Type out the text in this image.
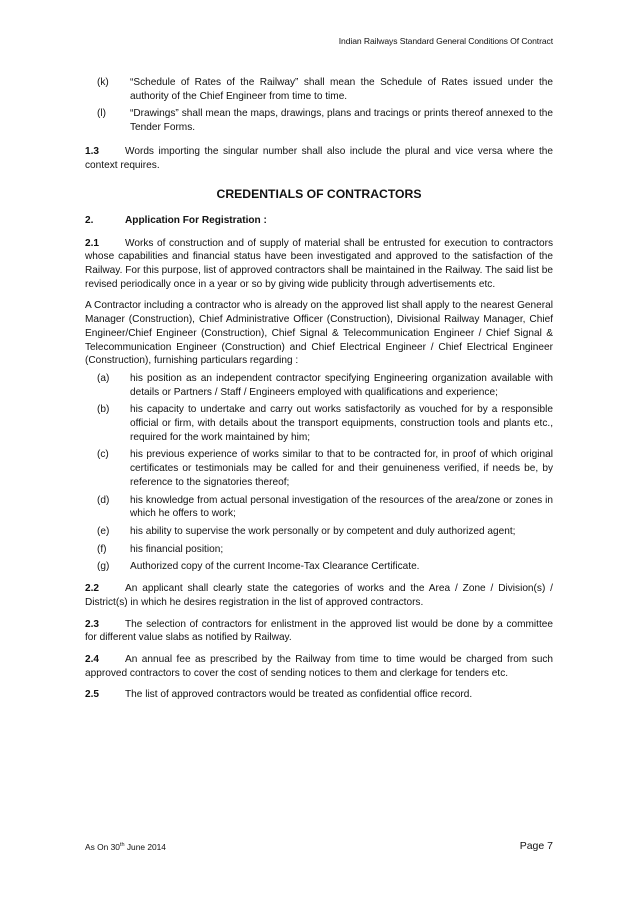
Indian Railways Standard General Conditions Of Contract
(k)	“Schedule of Rates of the Railway” shall mean the Schedule of Rates issued under the authority of the Chief Engineer from time to time.
(l)	“Drawings” shall mean the maps, drawings, plans and tracings or prints thereof annexed to the Tender Forms.

1.3	Words importing the singular number shall also include the plural and vice versa where the context requires.

CREDENTIALS OF CONTRACTORS

2.	Application For Registration :

2.1	Works of construction and of supply of material shall be entrusted for execution to contractors whose capabilities and financial status have been investigated and approved to the satisfaction of the Railway. For this purpose, list of approved contractors shall be maintained in the Railway. The said list be revised periodically once in a year or so by giving wide publicity through advertisements etc.

A Contractor including a contractor who is already on the approved list shall apply to the nearest General Manager (Construction), Chief Administrative Officer (Construction), Divisional Railway Manager, Chief Engineer/Chief Engineer (Construction), Chief Signal & Telecommunication Engineer / Chief Signal & Telecommunication Engineer (Construction) and Chief Electrical Engineer / Chief Electrical Engineer (Construction), furnishing particulars regarding :

(a)	his position as an independent contractor specifying Engineering organization available with details or Partners / Staff / Engineers employed with qualifications and experience;
(b)	his capacity to undertake and carry out works satisfactorily as vouched for by a responsible official or firm, with details about the transport equipments, construction tools and plants etc., required for the work maintained by him;
(c)	his previous experience of works similar to that to be contracted for, in proof of which original certificates or testimonials may be called for and their genuineness verified, if needs be, by reference to the signatories thereof;
(d)	his knowledge from actual personal investigation of the resources of the area/zone or zones in which he offers to work;
(e)	his ability to supervise the work personally or by competent and duly authorized agent;
(f)	his financial position;
(g)	Authorized copy of the current Income-Tax Clearance Certificate.

2.2	An applicant shall clearly state the categories of works and the Area / Zone / Division(s) / District(s) in which he desires registration in the list of approved contractors.

2.3	The selection of contractors for enlistment in the approved list would be done by a committee for different value slabs as notified by Railway.

2.4	An annual fee as prescribed by the Railway from time to time would be charged from such approved contractors to cover the cost of sending notices to them and clerkage for tenders etc.

2.5	The list of approved contractors would be treated as confidential office record.

As On 30th June 2014	Page 7
